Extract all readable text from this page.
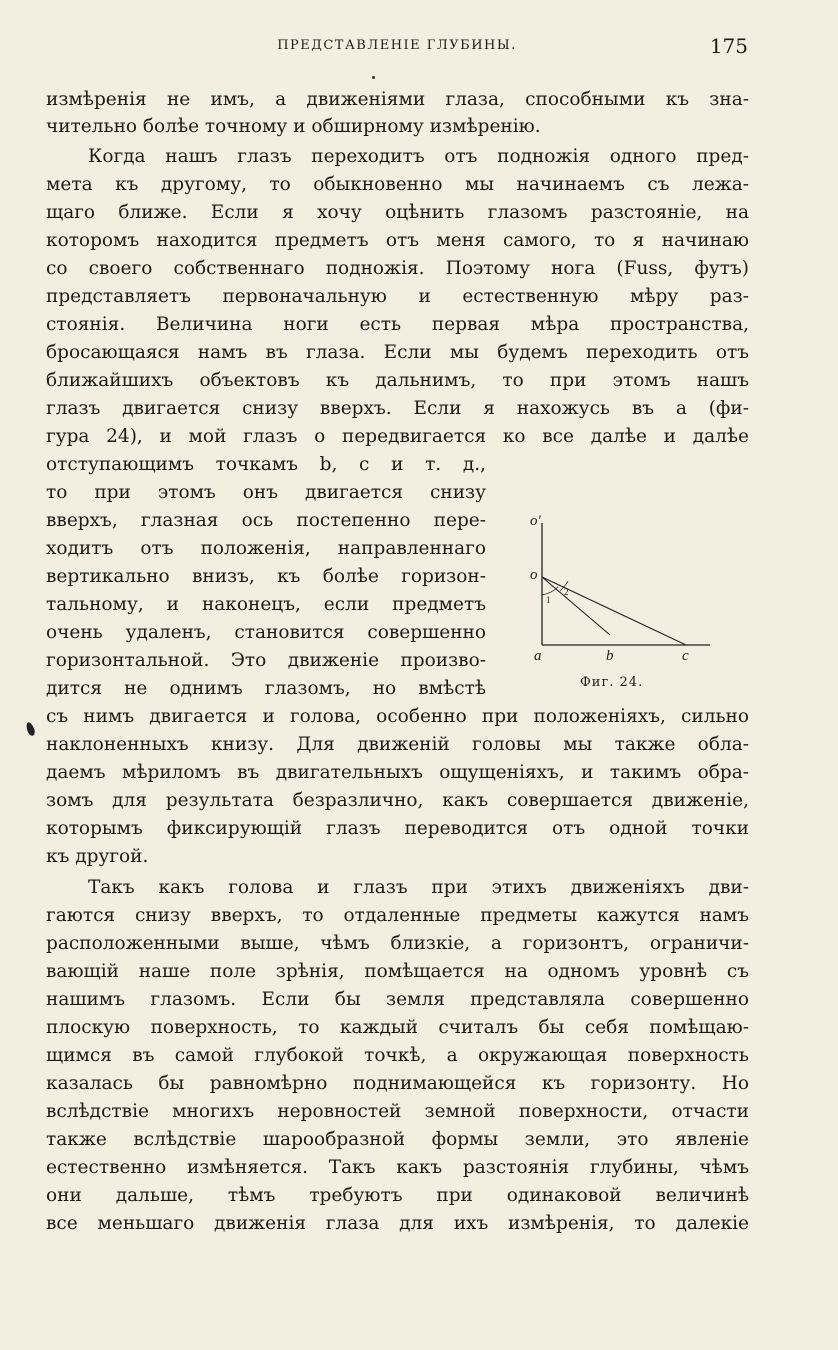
ПРЕДСТАВЛЕНІЕ ГЛУБИНЫ.	175
измѣренія не имъ, а движеніями глаза, способными къ зна-
чительно болѣе точному и обширному измѣренію.
Когда нашъ глазъ переходитъ отъ подножія одного пред-
мета къ другому, то обыкновенно мы начинаемъ съ лежа-
щаго ближе. Если я хочу оцѣнить глазомъ разстояніе, на
которомъ находится предметъ отъ меня самого, то я начинаю
со своего собственнаго подножія. Поэтому нога (Fuss, футъ)
представляетъ первоначальную и естественную мѣру раз-
стоянія. Величина ноги есть первая мѣра пространства,
бросающаяся намъ въ глаза. Если мы будемъ переходить отъ
ближайшихъ объектовъ къ дальнимъ, то при этомъ нашъ
глазъ двигается снизу вверхъ. Если я нахожусь въ a (фи-
гура 24), и мой глазъ o передвигается ко все далѣе и далѣе
отступающимъ точкамъ b, c и т. д.,
то при этомъ онъ двигается снизу
вверхъ, глазная ось постепенно пере-
ходитъ отъ положенія, направленнаго
вертикально внизъ, къ болѣе горизон-
тальному, и наконецъ, если предметъ
очень удаленъ, становится совершенно
горизонтальной. Это движеніе произво-
дится не однимъ глазомъ, но вмѣстѣ
съ нимъ двигается и голова, особенно при положеніяхъ, сильно
наклоненныхъ книзу. Для движеній головы мы также обла-
даемъ мѣриломъ въ двигательныхъ ощущеніяхъ, и такимъ обра-
зомъ для результата безразлично, какъ совершается движеніе,
которымъ фиксирующій глазъ переводится отъ одной точки
къ другой.
Такъ какъ голова и глазъ при этихъ движеніяхъ дви-
гаются снизу вверхъ, то отдаленные предметы кажутся намъ
расположенными выше, чѣмъ близкіе, а горизонтъ, ограничи-
вающій наше поле зрѣнія, помѣщается на одномъ уровнѣ съ
нашимъ глазомъ. Если бы земля представляла совершенно
плоскую поверхность, то каждый считалъ бы себя помѣщаю-
щимся въ самой глубокой точкѣ, а окружающая поверхность
казалась бы равномѣрно поднимающейся къ горизонту. Но
вслѣдствіе многихъ неровностей земной поверхности, отчасти
также вслѣдствіе шарообразной формы земли, это явленіе
естественно измѣняется. Такъ какъ разстоянія глубины, чѣмъ
они дальше, тѣмъ требуютъ при одинаковой величинѣ
все меньшаго движенія глаза для ихъ измѣренія, то далекіе
o'
o
1
2
a	b	c
Фиг. 24.
